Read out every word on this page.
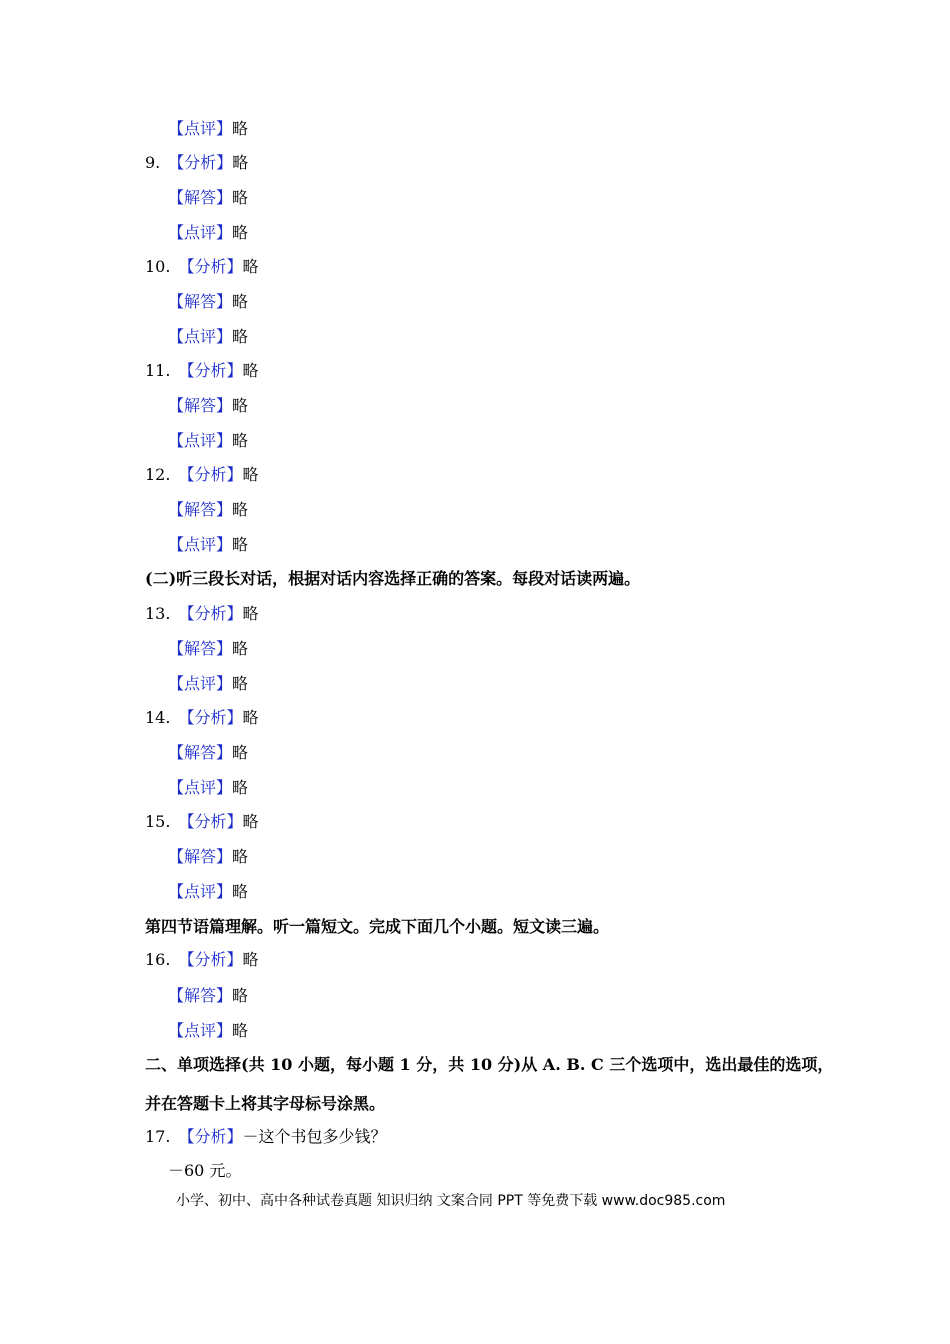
【点评】略
9. 【分析】略
【解答】略
【点评】略
10. 【分析】略
【解答】略
【点评】略
11. 【分析】略
【解答】略
【点评】略
12. 【分析】略
【解答】略
【点评】略
13. 【分析】略
【解答】略
【点评】略
14. 【分析】略
【解答】略
【点评】略
15. 【分析】略
【解答】略
【点评】略
16. 【分析】略
【解答】略
【点评】略
(二)听三段长对话，根据对话内容选择正确的答案。每段对话读两遍。
第四节语篇理解。听一篇短文。完成下面几个小题。短文读三遍。
二、单项选择(共 10 小题，每小题 1 分，共 10 分)从 A. B. C 三个选项中，选出最佳的选项，
并在答题卡上将其字母标号涂黑。
17. 【分析】－这个书包多少钱？
－60 元。
小学、初中、高中各种试卷真题 知识归纳 文案合同 PPT 等免费下载 www.doc985.com
